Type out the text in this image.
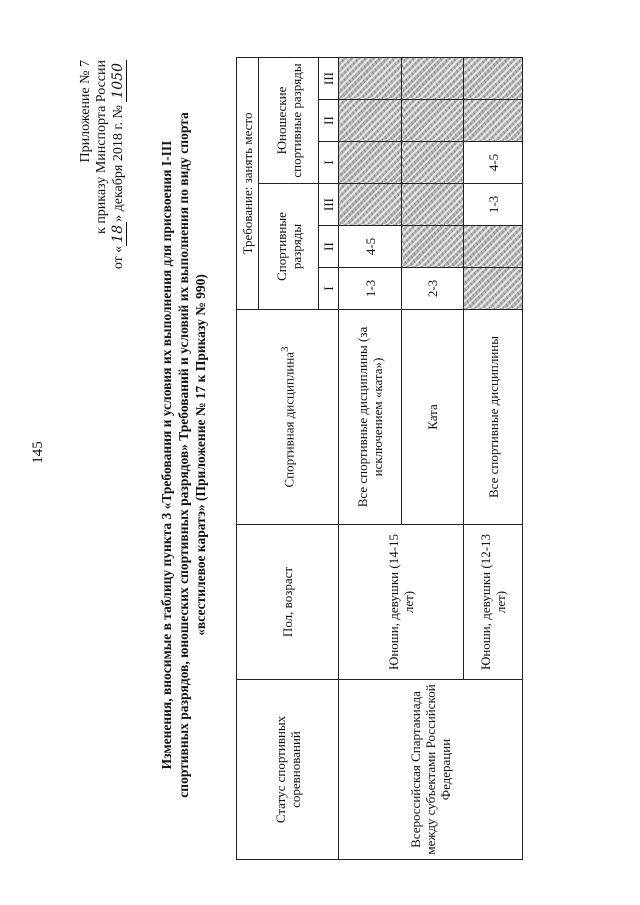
145
Приложение № 7 к приказу Минспорта России
от «18» декабря 2018 г. № 1050
Изменения, вносимые в таблицу пункта 3 «Требования и условия их выполнения для присвоения I-III спортивных разрядов, юношеских спортивных разрядов» Требований и условий их выполнения по виду спорта «всестилевое каратэ» (Приложение № 17 к Приказу № 990)
Статус спортивных соревнований	Пол, возраст	Спортивная дисциплина$^3$	Требование: занять место					
			Спортивные разряды			Юношеские спортивные разряды		
			I	II	III	I	II	III
Всероссийская Спартакиада между субъектами Российской Федерации	Юноши, девушки (14-15 лет)	Все спортивные дисциплины (за исключением «ката»)	1-3	4-5				
		Ката	2-3					
	Юноши, девушки (12-13 лет)	Все спортивные дисциплины			1-3	4-5		
